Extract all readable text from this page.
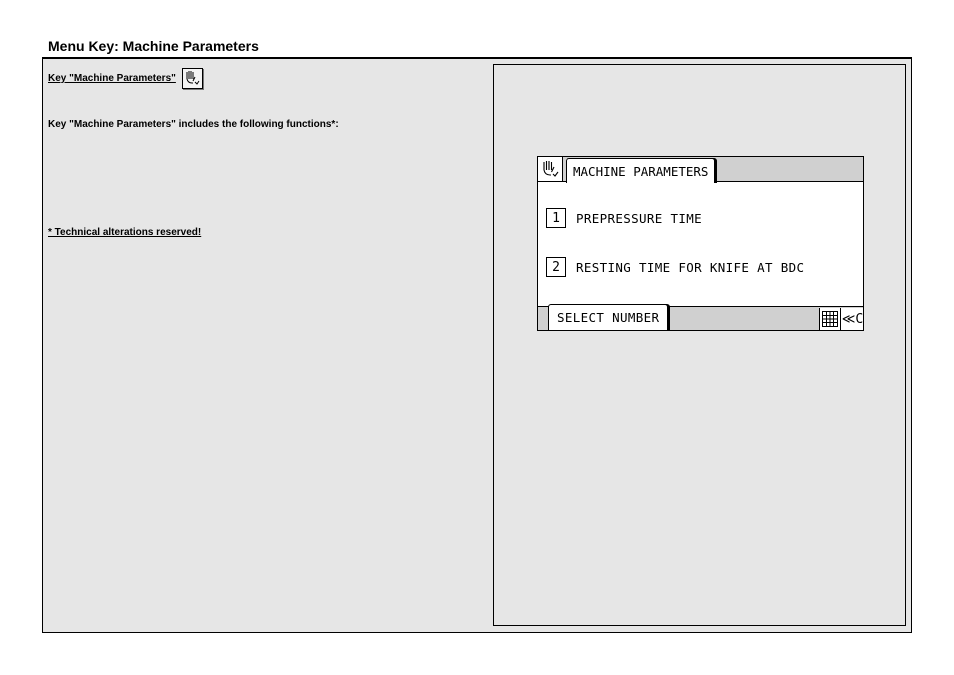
Menu Key: Machine Parameters
Key "Machine Parameters"
Key "Machine Parameters" includes the following functions*:
* Technical alterations reserved!
MACHINE PARAMETERS
1	PREPRESSURE TIME
2	RESTING TIME FOR KNIFE AT BDC
SELECT NUMBER	≪C
